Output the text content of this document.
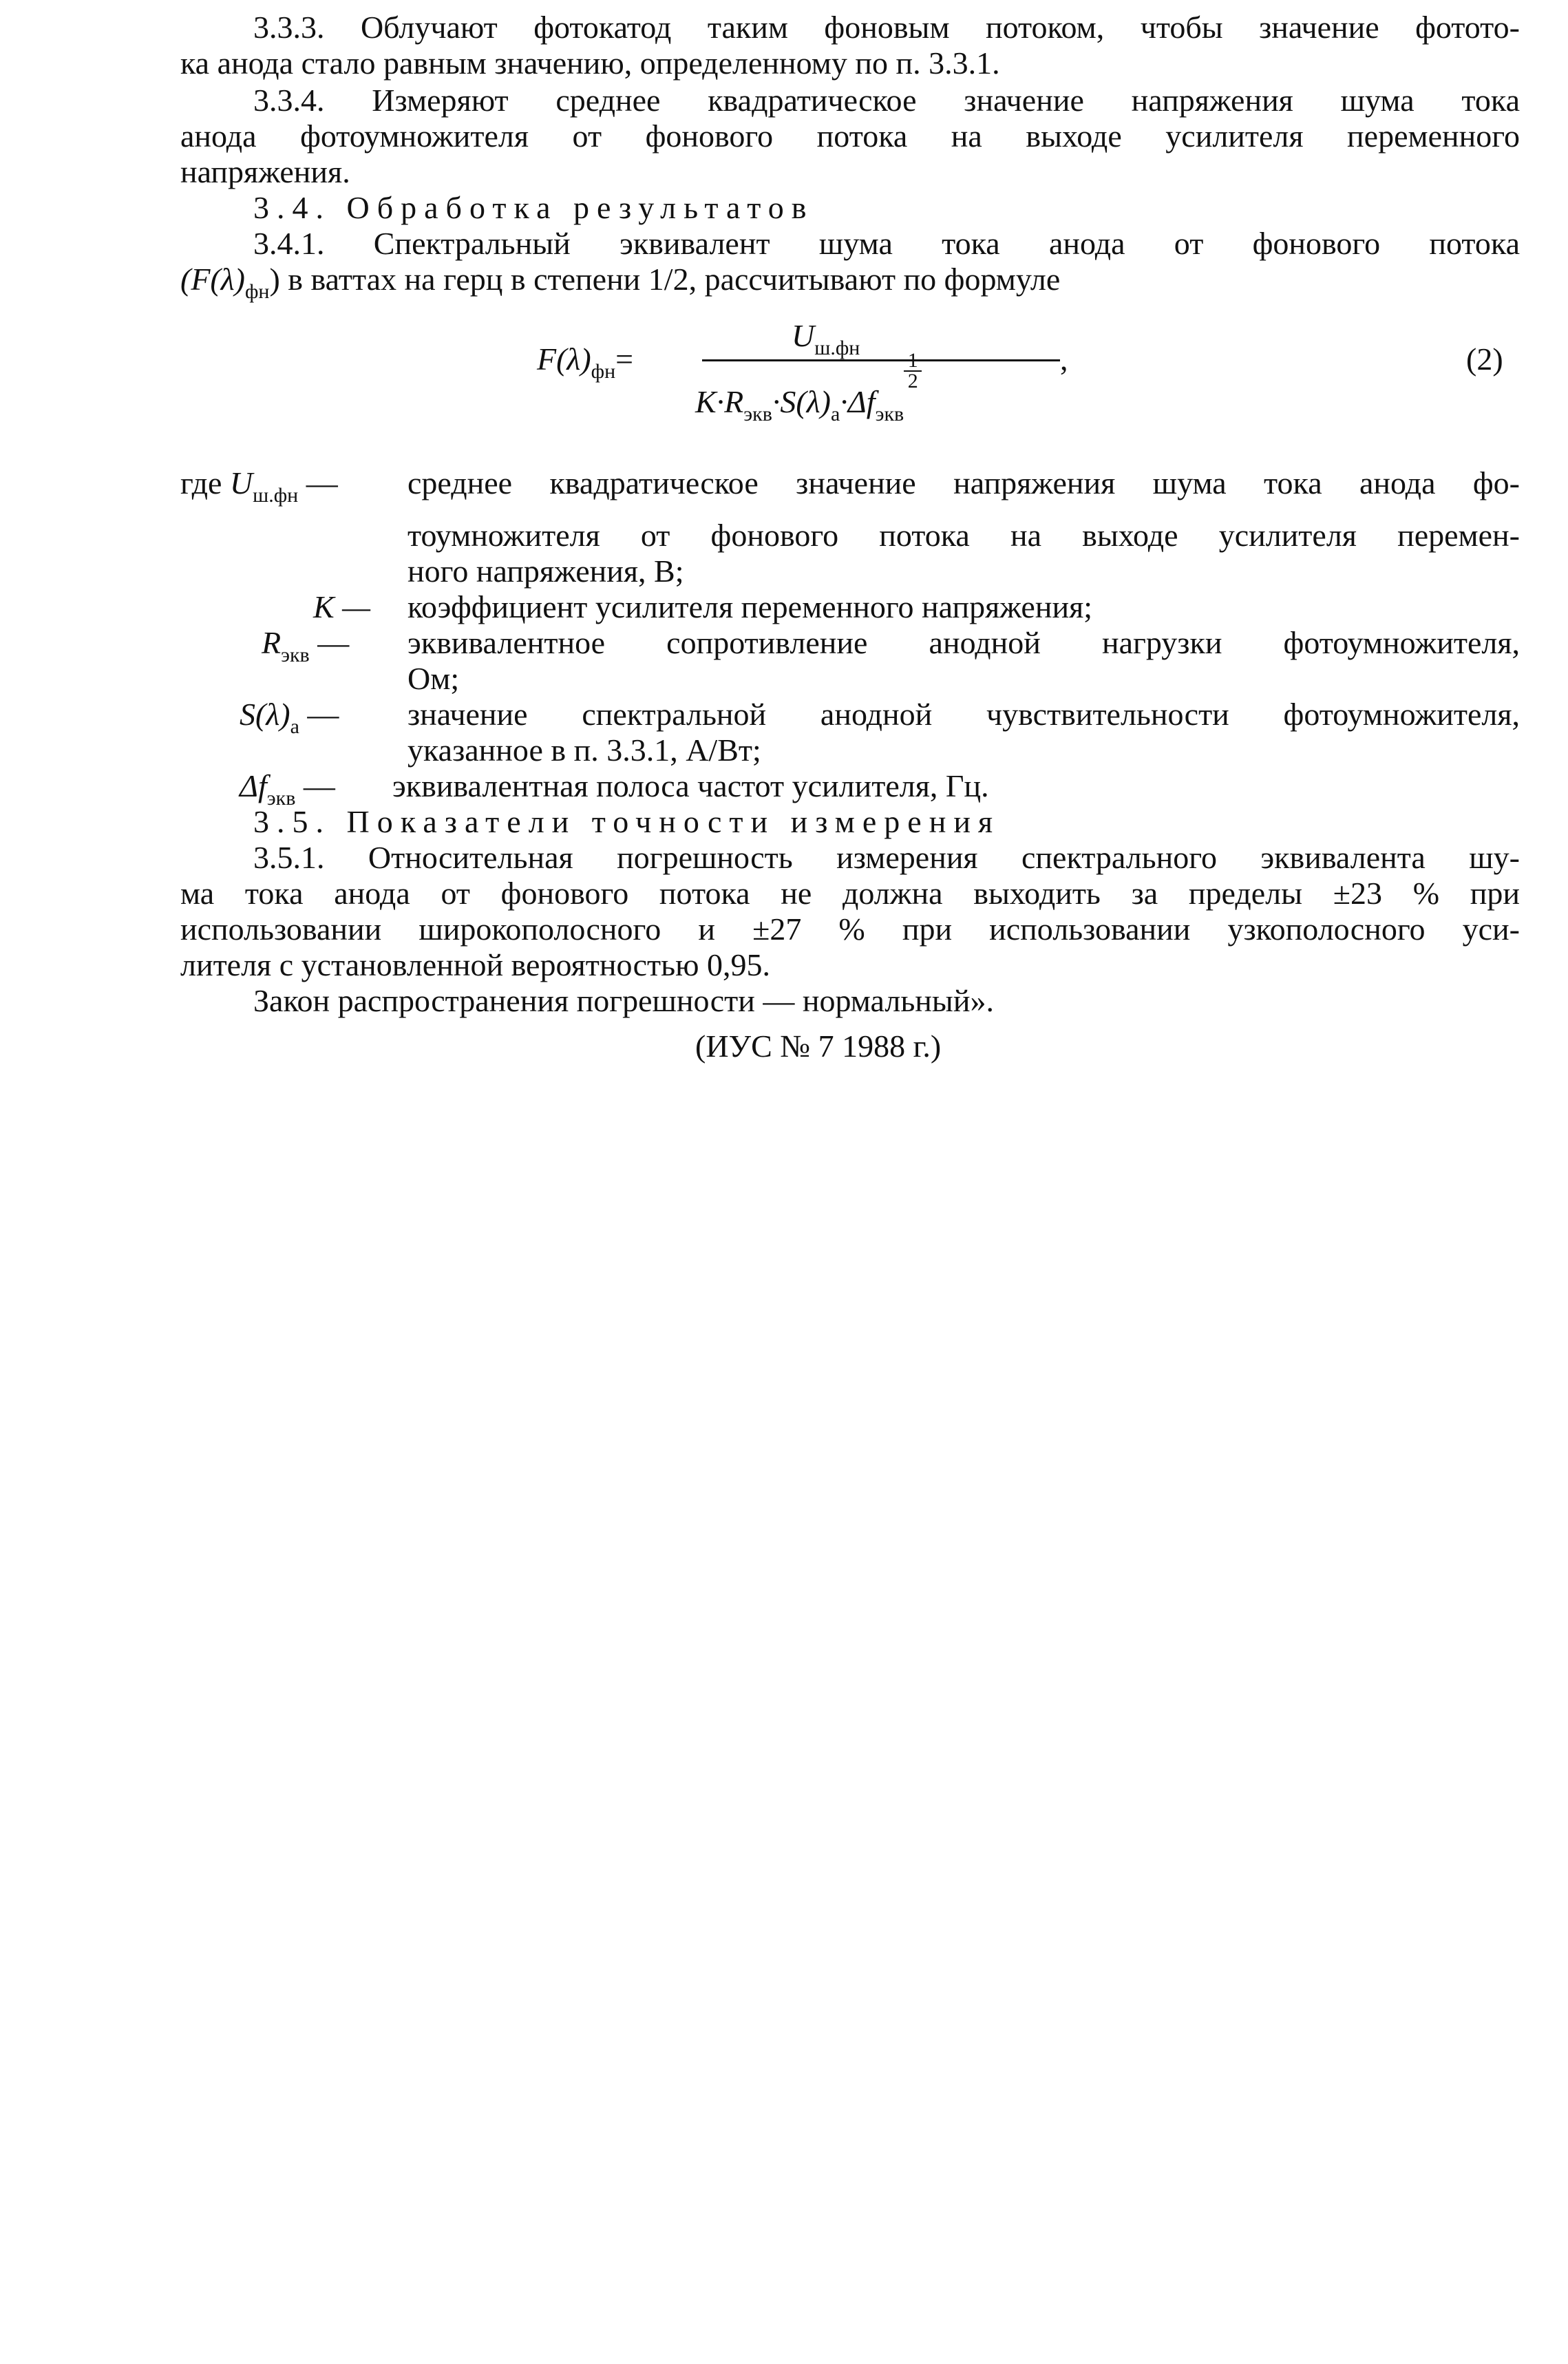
3.3.3. Облучают фотокатод таким фоновым потоком, чтобы значение фотото-
ка анода стало равным значению, определенному по п. 3.3.1.
3.3.4. Измеряют среднее квадратическое значение напряжения шума тока
анода фотоумножителя от фонового потока на выходе усилителя переменного
напряжения.
3.4. Обработка результатов
3.4.1. Спектральный эквивалент шума тока анода от фонового потока
$(F(\lambda)_{фн})$ в ваттах на герц в степени 1/2, рассчитывают по формуле
$F(\lambda)_{фн}=$
$U_{ш.фн}$
$K\cdot R_{экв}\cdot S(\lambda)_а\cdot\Delta f_{экв}$
$\frac{1}{2}$	,	(2)
где $U_{ш.фн}$ — среднее квадратическое значение напряжения шума тока анода фо-
тоумножителя от фонового потока на выходе усилителя перемен-
ного напряжения, В;
K — коэффициент усилителя переменного напряжения;
$R_{экв}$ — эквивалентное сопротивление анодной нагрузки фотоумножителя,
Ом;
$S(\lambda)_а$ — значение спектральной анодной чувствительности фотоумножителя,
указанное в п. 3.3.1, А/Вт;
$\Delta f_{экв}$ — эквивалентная полоса частот усилителя, Гц.
3.5. Показатели точности измерения
3.5.1. Относительная погрешность измерения спектрального эквивалента шу-
ма тока анода от фонового потока не должна выходить за пределы ±23 % при
использовании широкополосного и ±27 % при использовании узкополосного уси-
лителя с установленной вероятностью 0,95.
Закон распространения погрешности — нормальный».
(ИУС № 7 1988 г.)
